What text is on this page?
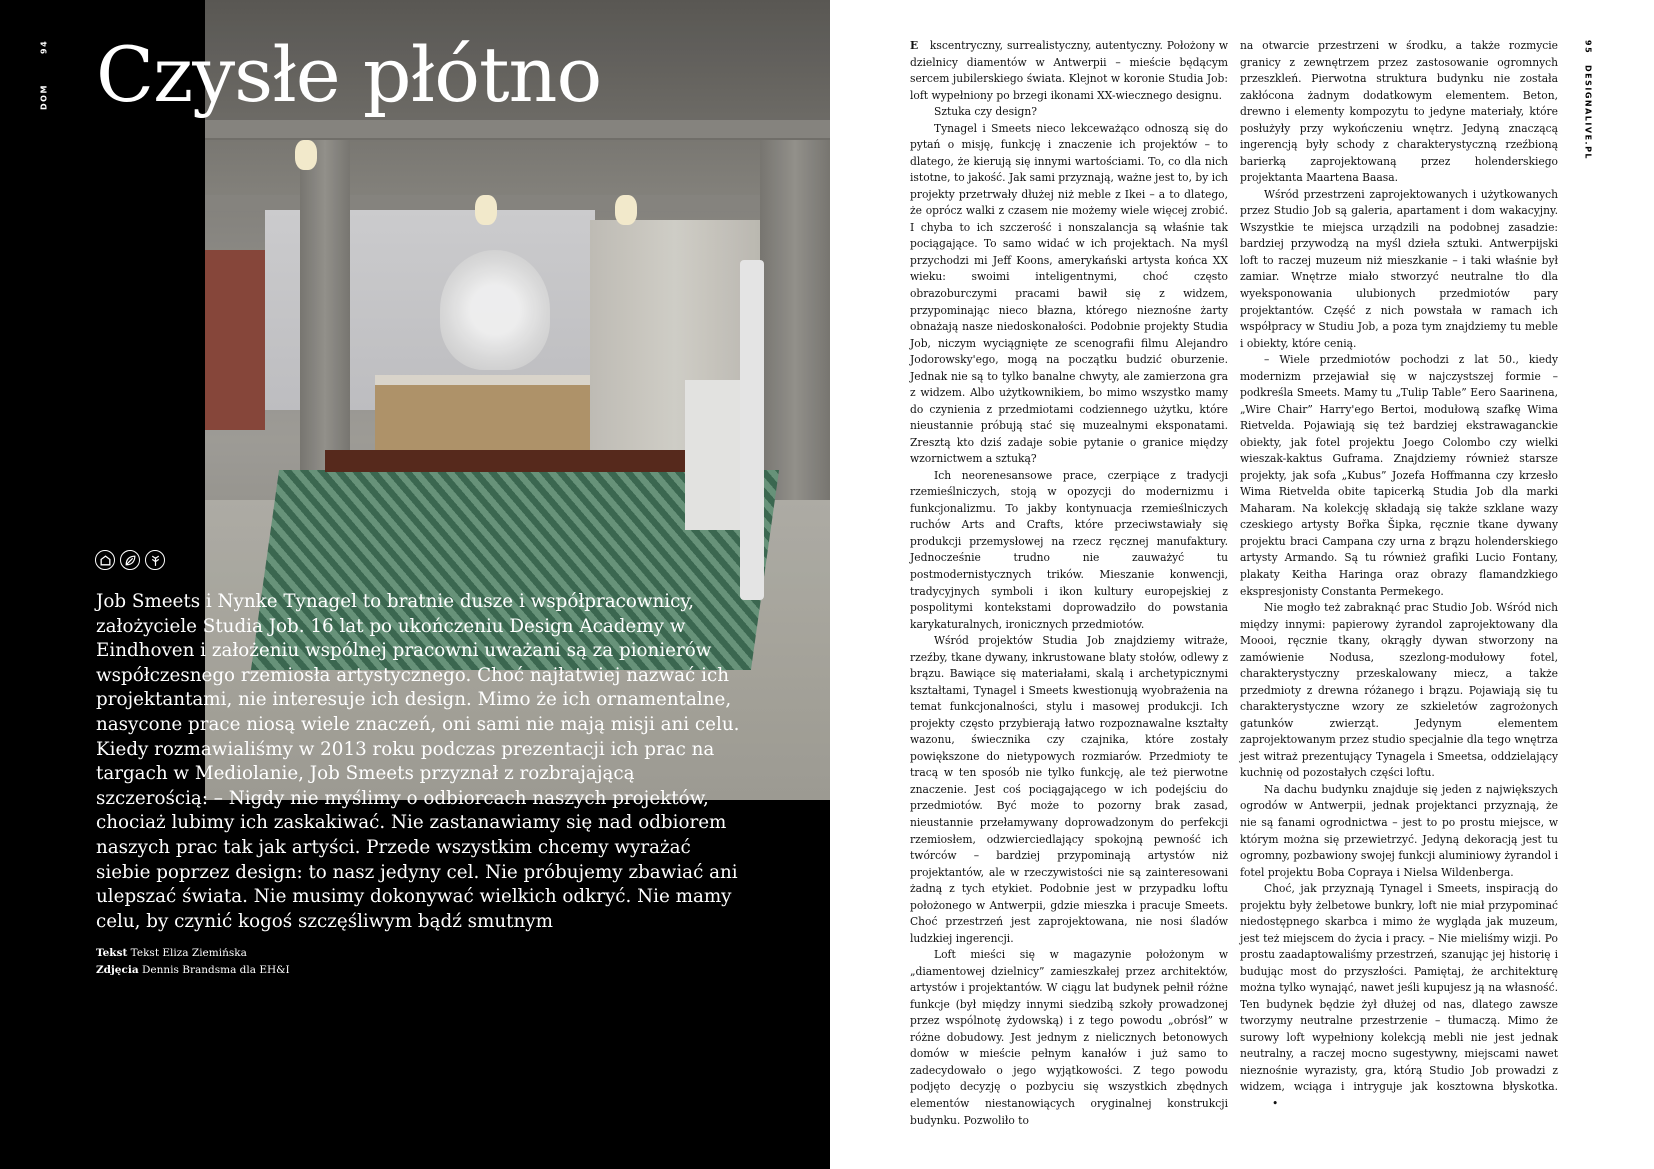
DOM
94 Czysłe płótno

Job Smeets i Nynke Tynagel to bratnie dusze i współpracownicy, założyciele Studia Job. 16 lat po ukończeniu Design Academy w Eindhoven i założeniu wspólnej pracowni uważani są za pionierów współczesnego rzemiosła artystycznego. Choć najłatwiej nazwać ich projektantami, nie interesuje ich design. Mimo że ich ornamentalne, nasycone prace niosą wiele znaczeń, oni sami nie mają misji ani celu. Kiedy rozmawialiśmy w 2013 roku podczas prezentacji ich prac na targach w Mediolanie, Job Smeets przyznał z rozbrajającą szczerością: – Nigdy nie myślimy o odbiorcach naszych projektów, chociaż lubimy ich zaskakiwać. Nie zastanawiamy się nad odbiorem naszych prac tak jak artyści. Przede wszystkim chcemy wyrażać siebie poprzez design: to nasz jedyny cel. Nie próbujemy zbawiać ani ulepszać świata. Nie musimy dokonywać wielkich odkryć. Nie mamy celu, by czynić kogoś szczęśliwym bądź smutnym

Tekst Tekst Eliza Ziemińska
Zdjęcia Dennis Brandsma dla EH&I

E kscentryczny, surrealistyczny, autentyczny. Położony w dzielnicy diamentów w Antwerpii – mieście będącym sercem jubilerskiego świata. Klejnot w koronie Studia Job: loft wypełniony po brzegi ikonami XX-wiecznego designu.

Sztuka czy design?

Tynagel i Smeets nieco lekceważąco odnoszą się do pytań o misję, funkcję i znaczenie ich projektów – to dlatego, że kierują się innymi wartościami. To, co dla nich istotne, to jakość. Jak sami przyznają, ważne jest to, by ich projekty przetrwały dłużej niż meble z Ikei – a to dlatego, że oprócz walki z czasem nie możemy wiele więcej zrobić. I chyba to ich szczerość i nonszalancja są właśnie tak pociągające. To samo widać w ich projektach. Na myśl przychodzi mi Jeff Koons, amerykański artysta końca XX wieku: swoimi inteligentnymi, choć często obrazoburczymi pracami bawił się z widzem, przypominając nieco błazna, którego nieznośne żarty obnażają nasze niedoskonałości. Podobnie projekty Studia Job, niczym wyciągnięte ze scenografii filmu Alejandro Jodorowsky'ego, mogą na początku budzić oburzenie. Jednak nie są to tylko banalne chwyty, ale zamierzona gra z widzem. Albo użytkownikiem, bo mimo wszystko mamy do czynienia z przedmiotami codziennego użytku, które nieustannie próbują stać się muzealnymi eksponatami. Zresztą kto dziś zadaje sobie pytanie o granice między wzornictwem a sztuką?

Ich neorenesansowe prace, czerpiące z tradycji rzemieślniczych, stoją w opozycji do modernizmu i funkcjonalizmu. To jakby kontynuacja rzemieślniczych ruchów Arts and Crafts, które przeciwstawiały się produkcji przemysłowej na rzecz ręcznej manufaktury. Jednocześnie trudno nie zauważyć tu postmodernistycznych trików. Mieszanie konwencji, tradycyjnych symboli i ikon kultury europejskiej z pospolitymi kontekstami doprowadziło do powstania karykaturalnych, ironicznych przedmiotów.

Wśród projektów Studia Job znajdziemy witraże, rzeźby, tkane dywany, inkrustowane blaty stołów, odlewy z brązu. Bawiące się materiałami, skalą i archetypicznymi kształtami, Tynagel i Smeets kwestionują wyobrażenia na temat funkcjonalności, stylu i masowej produkcji. Ich projekty często przybierają łatwo rozpoznawalne kształty wazonu, świecznika czy czajnika, które zostały powiększone do nietypowych rozmiarów. Przedmioty te tracą w ten sposób nie tylko funkcję, ale też pierwotne znaczenie. Jest coś pociągającego w ich podejściu do przedmiotów. Być może to pozorny brak zasad, nieustannie przełamywany doprowadzonym do perfekcji rzemiosłem, odzwierciedlający spokojną pewność ich twórców – bardziej przypominają artystów niż projektantów, ale w rzeczywistości nie są zainteresowani żadną z tych etykiet. Podobnie jest w przypadku loftu położonego w Antwerpii, gdzie mieszka i pracuje Smeets. Choć przestrzeń jest zaprojektowana, nie nosi śladów ludzkiej ingerencji.

Loft mieści się w magazynie położonym w „diamentowej dzielnicy” zamieszkałej przez architektów, artystów i projektantów. W ciągu lat budynek pełnił różne funkcje (był między innymi siedzibą szkoły prowadzonej przez wspólnotę żydowską) i z tego powodu „obrósł” w różne dobudowy. Jest jednym z nielicznych betonowych domów w mieście pełnym kanałów i już samo to zadecydowało o jego wyjątkowości. Z tego powodu podjęto decyzję o pozbyciu się wszystkich zbędnych elementów niestanowiących oryginalnej konstrukcji budynku. Pozwoliło to

na otwarcie przestrzeni w środku, a także rozmycie granicy z zewnętrzem przez zastosowanie ogromnych przeszkleń. Pierwotna struktura budynku nie została zakłócona żadnym dodatkowym elementem. Beton, drewno i elementy kompozytu to jedyne materiały, które posłużyły przy wykończeniu wnętrz. Jedyną znaczącą ingerencją były schody z charakterystyczną rzeźbioną barierką zaprojektowaną przez holenderskiego projektanta Maartena Baasa.

Wśród przestrzeni zaprojektowanych i użytkowanych przez Studio Job są galeria, apartament i dom wakacyjny. Wszystkie te miejsca urządzili na podobnej zasadzie: bardziej przywodzą na myśl dzieła sztuki. Antwerpijski loft to raczej muzeum niż mieszkanie – i taki właśnie był zamiar. Wnętrze miało stworzyć neutralne tło dla wyeksponowania ulubionych przedmiotów pary projektantów. Część z nich powstała w ramach ich współpracy w Studiu Job, a poza tym znajdziemy tu meble i obiekty, które cenią.

– Wiele przedmiotów pochodzi z lat 50., kiedy modernizm przejawiał się w najczystszej formie – podkreśla Smeets. Mamy tu „Tulip Table” Eero Saarinena, „Wire Chair” Harry'ego Bertoi, modułową szafkę Wima Rietvelda. Pojawiają się też bardziej ekstrawaganckie obiekty, jak fotel projektu Joego Colombo czy wielki wieszak-kaktus Guframa. Znajdziemy również starsze projekty, jak sofa „Kubus” Jozefa Hoffmanna czy krzesło Wima Rietvelda obite tapicerką Studia Job dla marki Maharam. Na kolekcję składają się także szklane wazy czeskiego artysty Bořka Šipka, ręcznie tkane dywany projektu braci Campana czy urna z brązu holenderskiego artysty Armando. Są tu również grafiki Lucio Fontany, plakaty Keitha Haringa oraz obrazy flamandzkiego ekspresjonisty Constanta Permekego.

Nie mogło też zabraknąć prac Studio Job. Wśród nich między innymi: papierowy żyrandol zaprojektowany dla Moooi, ręcznie tkany, okrągły dywan stworzony na zamówienie Nodusa, szezlong-modułowy fotel, charakterystyczny przeskalowany miecz, a także przedmioty z drewna różanego i brązu. Pojawiają się tu charakterystyczne wzory ze szkieletów zagrożonych gatunków zwierząt. Jedynym elementem zaprojektowanym przez studio specjalnie dla tego wnętrza jest witraż prezentujący Tynagela i Smeetsa, oddzielający kuchnię od pozostałych części loftu.

Na dachu budynku znajduje się jeden z największych ogrodów w Antwerpii, jednak projektanci przyznają, że nie są fanami ogrodnictwa – jest to po prostu miejsce, w którym można się przewietrzyć. Jedyną dekoracją jest tu ogromny, pozbawiony swojej funkcji aluminiowy żyrandol i fotel projektu Boba Copraya i Nielsa Wildenberga.

Choć, jak przyznają Tynagel i Smeets, inspiracją do projektu były żelbetowe bunkry, loft nie miał przypominać niedostępnego skarbca i mimo że wygląda jak muzeum, jest też miejscem do życia i pracy. – Nie mieliśmy wizji. Po prostu zaadaptowaliśmy przestrzeń, szanując jej historię i budując most do przyszłości. Pamiętaj, że architekturę można tylko wynająć, nawet jeśli kupujesz ją na własność. Ten budynek będzie żył dłużej od nas, dlatego zawsze tworzymy neutralne przestrzenie – tłumaczą. Mimo że surowy loft wypełniony kolekcją mebli nie jest jednak neutralny, a raczej mocno sugestywny, miejscami nawet nieznośnie wyrazisty, gra, którą Studio Job prowadzi z widzem, wciąga i intryguje jak kosztowna błyskotka.•

95
DESIGNALIVE.PL
